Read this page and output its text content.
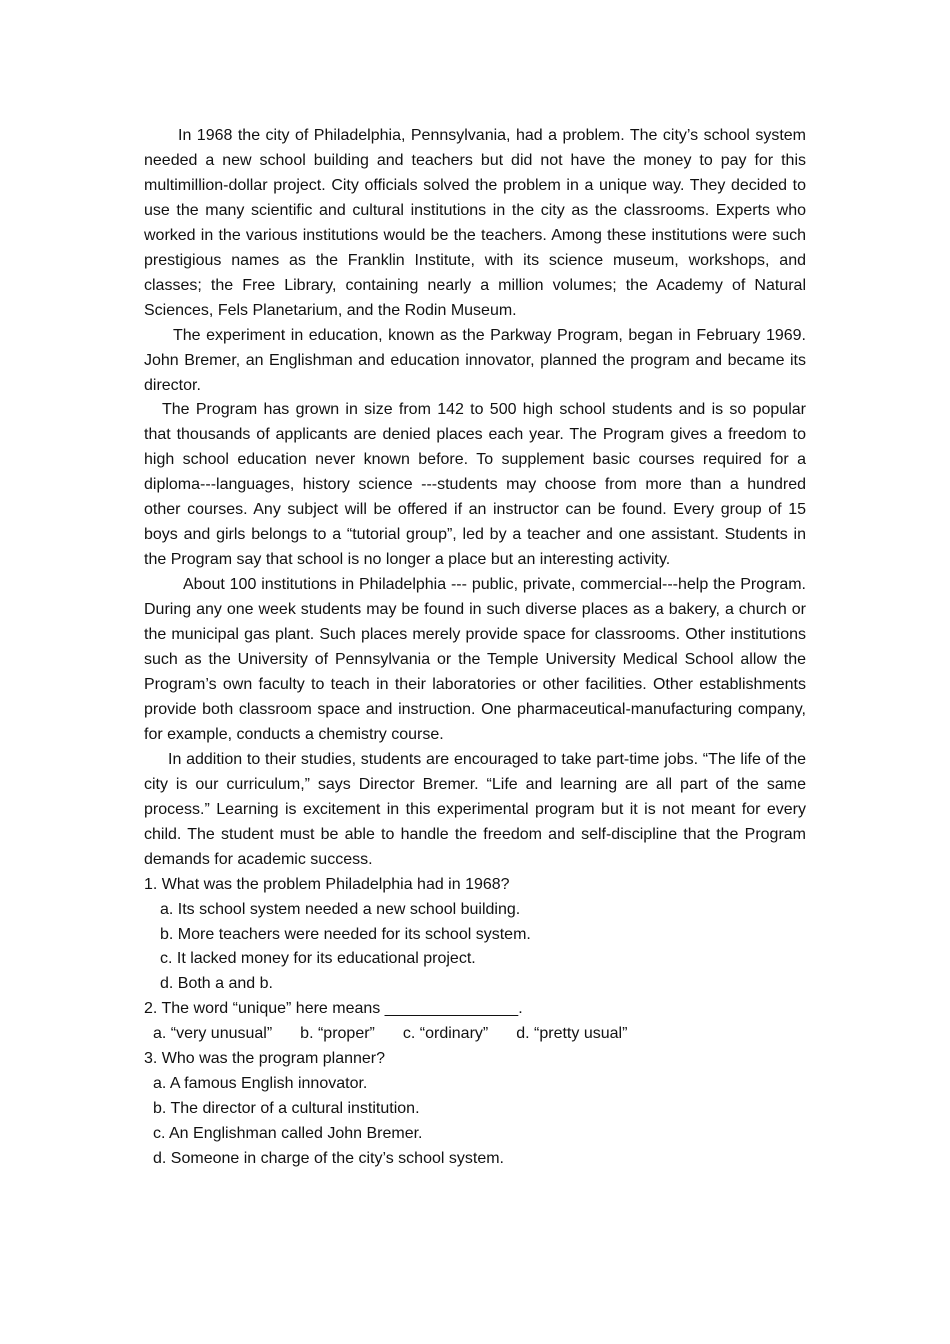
In 1968 the city of Philadelphia, Pennsylvania, had a problem. The city’s school system needed a new school building and teachers but did not have the money to pay for this multimillion-dollar project. City officials solved the problem in a unique way. They decided to use the many scientific and cultural institutions in the city as the classrooms. Experts who worked in the various institutions would be the teachers. Among these institutions were such prestigious names as the Franklin Institute, with its science museum, workshops, and classes; the Free Library, containing nearly a million volumes; the Academy of Natural Sciences, Fels Planetarium, and the Rodin Museum.

The experiment in education, known as the Parkway Program, began in February 1969. John Bremer, an Englishman and education innovator, planned the program and became its director.

The Program has grown in size from 142 to 500 high school students and is so popular that thousands of applicants are denied places each year. The Program gives a freedom to high school education never known before. To supplement basic courses required for a diploma---languages, history science ---students may choose from more than a hundred other courses. Any subject will be offered if an instructor can be found. Every group of 15 boys and girls belongs to a “tutorial group”, led by a teacher and one assistant. Students in the Program say that school is no longer a place but an interesting activity.

About 100 institutions in Philadelphia --- public, private, commercial---help the Program. During any one week students may be found in such diverse places as a bakery, a church or the municipal gas plant. Such places merely provide space for classrooms. Other institutions such as the University of Pennsylvania or the Temple University Medical School allow the Program’s own faculty to teach in their laboratories or other facilities. Other establishments provide both classroom space and instruction. One pharmaceutical-manufacturing company, for example, conducts a chemistry course.

In addition to their studies, students are encouraged to take part-time jobs. “The life of the city is our curriculum,” says Director Bremer. “Life and learning are all part of the same process.” Learning is excitement in this experimental program but it is not meant for every child. The student must be able to handle the freedom and self-discipline that the Program demands for academic success.

1. What was the problem Philadelphia had in 1968?

a. Its school system needed a new school building.

b. More teachers were needed for its school system.

c. It lacked money for its educational project.

d. Both a and b.

2. The word “unique” here means _______________.

a. “very unusual” b. “proper” c. “ordinary” d. “pretty usual”

3. Who was the program planner?

a. A famous English innovator.

b. The director of a cultural institution.

c. An Englishman called John Bremer.

d. Someone in charge of the city’s school system.
